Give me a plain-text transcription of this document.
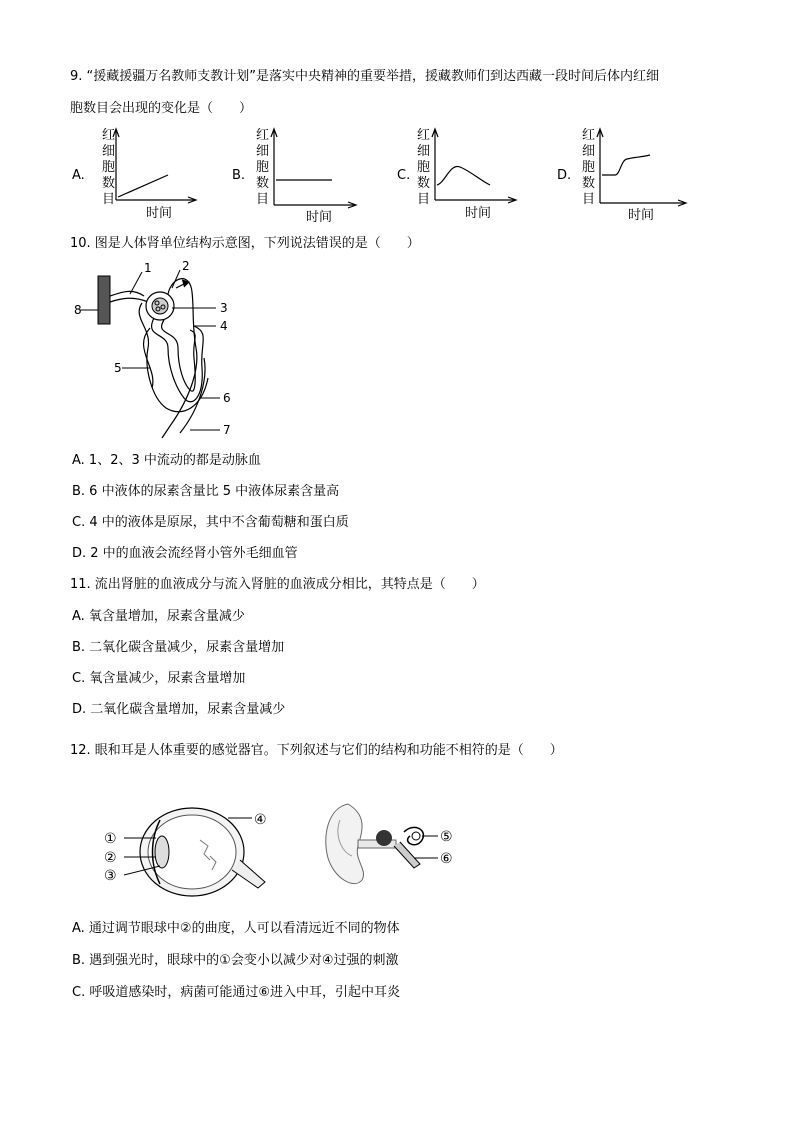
9. “援藏援疆万名教师支教计划”是落实中央精神的重要举措，援藏教师们到达西藏一段时间后体内红细
胞数目会出现的变化是（　　）
A.
红
细
胞
数
目
时间
B.
红
细
胞
数
目
时间
C.
红
细
胞
数
目
时间
D.
红
细
胞
数
目
时间
10. 图是人体肾单位结构示意图，下列说法错误的是（　　）
8
1
3
2
4
5
6
7
A. 1、2、3 中流动的都是动脉血
B. 6 中液体的尿素含量比 5 中液体尿素含量高
C. 4 中的液体是原尿，其中不含葡萄糖和蛋白质
D. 2 中的血液会流经肾小管外毛细血管
11. 流出肾脏的血液成分与流入肾脏的血液成分相比，其特点是（　　）
A. 氧含量增加，尿素含量减少
B. 二氧化碳含量减少，尿素含量增加
C. 氧含量减少，尿素含量增加
D. 二氧化碳含量增加，尿素含量减少
12. 眼和耳是人体重要的感觉器官。下列叙述与它们的结构和功能不相符的是（　　）
①
②
③
④
⑤
⑥
A. 通过调节眼球中②的曲度，人可以看清远近不同的物体
B. 遇到强光时，眼球中的①会变小以减少对④过强的刺激
C. 呼吸道感染时，病菌可能通过⑥进入中耳，引起中耳炎
